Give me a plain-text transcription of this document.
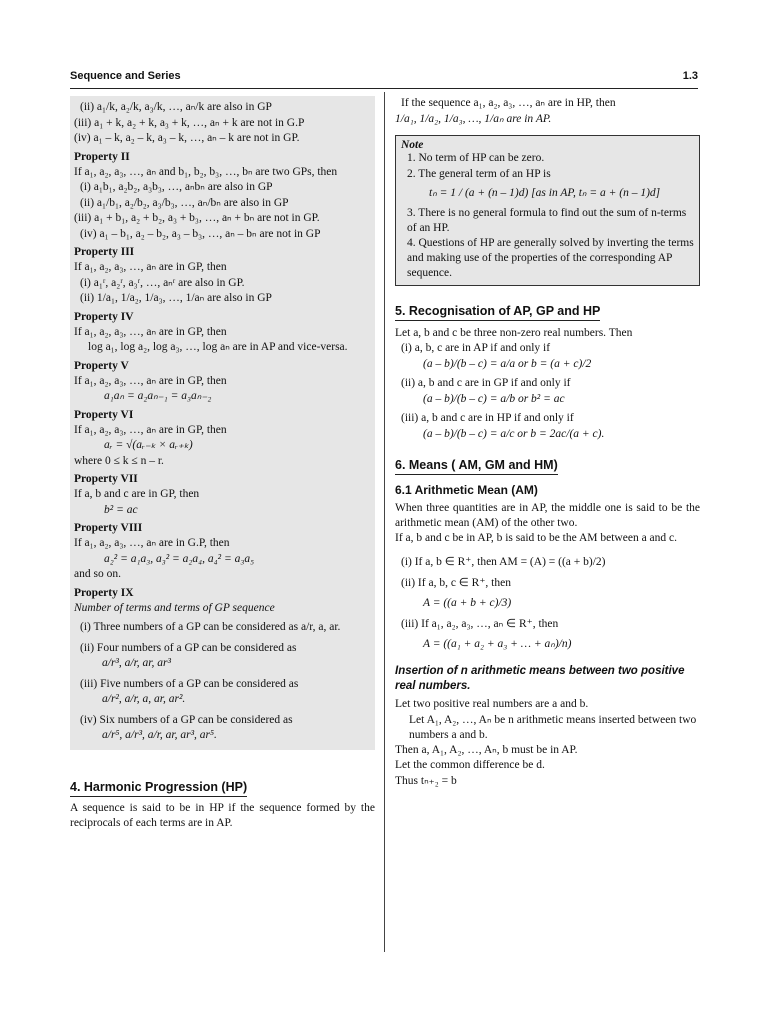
Sequence and Series	1.3
(ii) a₁/k, a₂/k, a₃/k, …, aₙ/k are also in GP
(iii) a₁ + k, a₂ + k, a₃ + k, …, aₙ + k are not in G.P
(iv) a₁ – k, a₂ – k, a₃ – k, …, aₙ – k are not in GP.
Property II
If a₁, a₂, a₃, …, aₙ and b₁, b₂, b₃, …, bₙ are two GPs, then
(i) a₁b₁, a₂b₂, a₃b₃, …, aₙbₙ are also in GP
(ii) a₁/b₁, a₂/b₂, a₃/b₃, …, aₙ/bₙ are also in GP
(iii) a₁ + b₁, a₂ + b₂, a₃ + b₃, …, aₙ + bₙ are not in GP.
(iv) a₁ – b₁, a₂ – b₂, a₃ – b₃, …, aₙ – bₙ are not in GP
Property III
If a₁, a₂, a₃, …, aₙ are in GP, then
(i) a₁ʳ, a₂ʳ, a₃ʳ, …, aₙʳ are also in GP.
(ii) 1/a₁, 1/a₂, 1/a₃, …, 1/aₙ are also in GP
Property IV
If a₁, a₂, a₃, …, aₙ are in GP, then
log a₁, log a₂, log a₃, …, log aₙ are in AP and vice-versa.
Property V
If a₁, a₂, a₃, …, aₙ are in GP, then
a₁aₙ = a₂aₙ₋₁ = a₃aₙ₋₂
Property VI
If a₁, a₂, a₃, …, aₙ are in GP, then
aᵣ = √(aᵣ₋ₖ × aᵣ₊ₖ)
where 0 ≤ k ≤ n – r.
Property VII
If a, b and c are in GP, then
b² = ac
Property VIII
If a₁, a₂, a₃, …, aₙ are in G.P, then
a₂² = a₁a₃, a₃² = a₂a₄, a₄² = a₃a₅
and so on.
Property IX
Number of terms and terms of GP sequence
(i) Three numbers of a GP can be considered as a/r, a, ar.
(ii) Four numbers of a GP can be considered as
a/r³, a/r, ar, ar³
(iii) Five numbers of a GP can be considered as
a/r², a/r, a, ar, ar².
(iv) Six numbers of a GP can be considered as
a/r⁵, a/r³, a/r, ar, ar³, ar⁵.
4. Harmonic Progression (HP)
A sequence is said to be in HP if the sequence formed by the reciprocals of each terms are in AP.
If the sequence a₁, a₂, a₃, …, aₙ are in HP, then
1/a₁, 1/a₂, 1/a₃, …, 1/aₙ are in AP.
Note
1. No term of HP can be zero.
2. The general term of an HP is
tₙ = 1 / (a + (n – 1)d) [as in AP, tₙ = a + (n – 1)d]
3. There is no general formula to find out the sum of n-terms of an HP.
4. Questions of HP are generally solved by inverting the terms and making use of the properties of the corresponding AP sequence.
5. Recognisation of AP, GP and HP
Let a, b and c be three non-zero real numbers. Then
(i) a, b, c are in AP if and only if
(a – b)/(b – c) = a/a or b = (a + c)/2
(ii) a, b and c are in GP if and only if
(a – b)/(b – c) = a/b or b² = ac
(iii) a, b and c are in HP if and only if
(a – b)/(b – c) = a/c or b = 2ac/(a + c).
6. Means ( AM, GM and HM)
6.1 Arithmetic Mean (AM)
When three quantities are in AP, the middle one is said to be the arithmetic mean (AM) of the other two.
If a, b and c be in AP, b is said to be the AM between a and c.
(i) If a, b ∈ R⁺, then AM = (A) = ((a + b)/2)
(ii) If a, b, c ∈ R⁺, then
A = ((a + b + c)/3)
(iii) If a₁, a₂, a₃, …, aₙ ∈ R⁺, then
A = ((a₁ + a₂ + a₃ + … + aₙ)/n)
Insertion of n arithmetic means between two positive real numbers.
Let two positive real numbers are a and b.
Let A₁, A₂, …, Aₙ be n arithmetic means inserted between two numbers a and b.
Then a, A₁, A₂, …, Aₙ, b must be in AP.
Let the common difference be d.
Thus tₙ₊₂ = b
